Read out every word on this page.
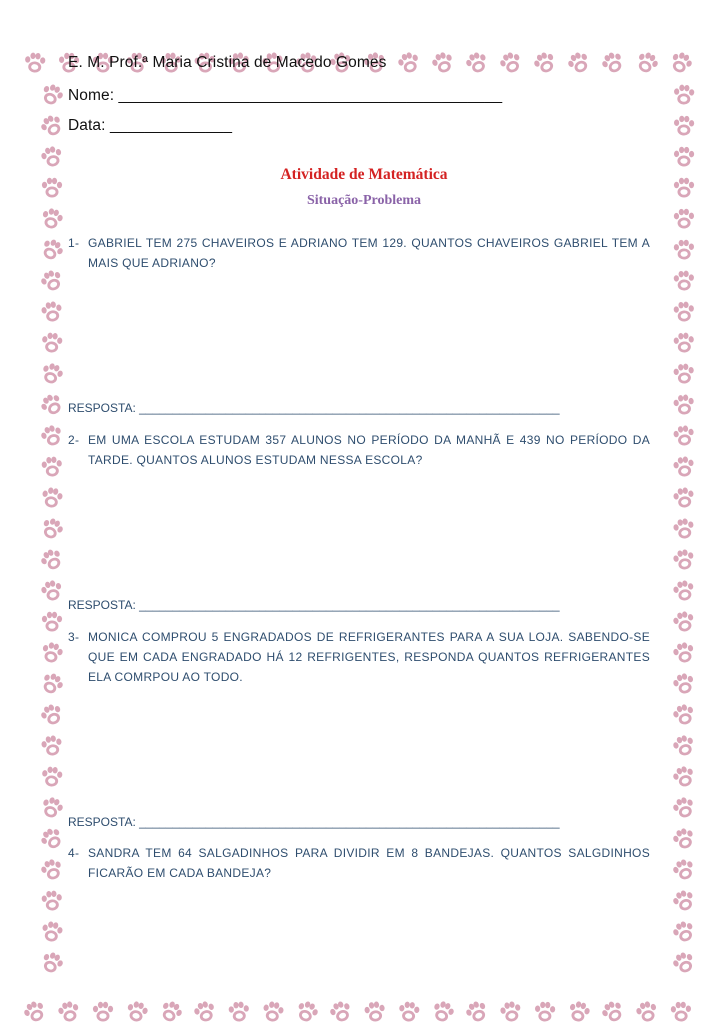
E. M. Prof.ª Maria Cristina de Macedo Gomes
Nome: ____________________________________________
Data: ______________
Atividade de Matemática
Situação-Problema
1- GABRIEL TEM 275 CHAVEIROS E ADRIANO TEM 129. QUANTOS CHAVEIROS GABRIEL TEM A MAIS QUE ADRIANO?
RESPOSTA: _______________________________________________________________
2- EM UMA ESCOLA ESTUDAM 357 ALUNOS NO PERÍODO DA MANHÃ E 439 NO PERÍODO DA TARDE. QUANTOS ALUNOS ESTUDAM NESSA ESCOLA?
RESPOSTA: _______________________________________________________________
3- MONICA COMPROU 5 ENGRADADOS DE REFRIGERANTES PARA A SUA LOJA. SABENDO-SE QUE EM CADA ENGRADADO HÁ 12 REFRIGENTES, RESPONDA QUANTOS REFRIGERANTES ELA COMRPOU AO TODO.
RESPOSTA: _______________________________________________________________
4- SANDRA TEM 64 SALGADINHOS PARA DIVIDIR EM 8 BANDEJAS. QUANTOS SALGDINHOS FICARÃO EM CADA BANDEJA?
